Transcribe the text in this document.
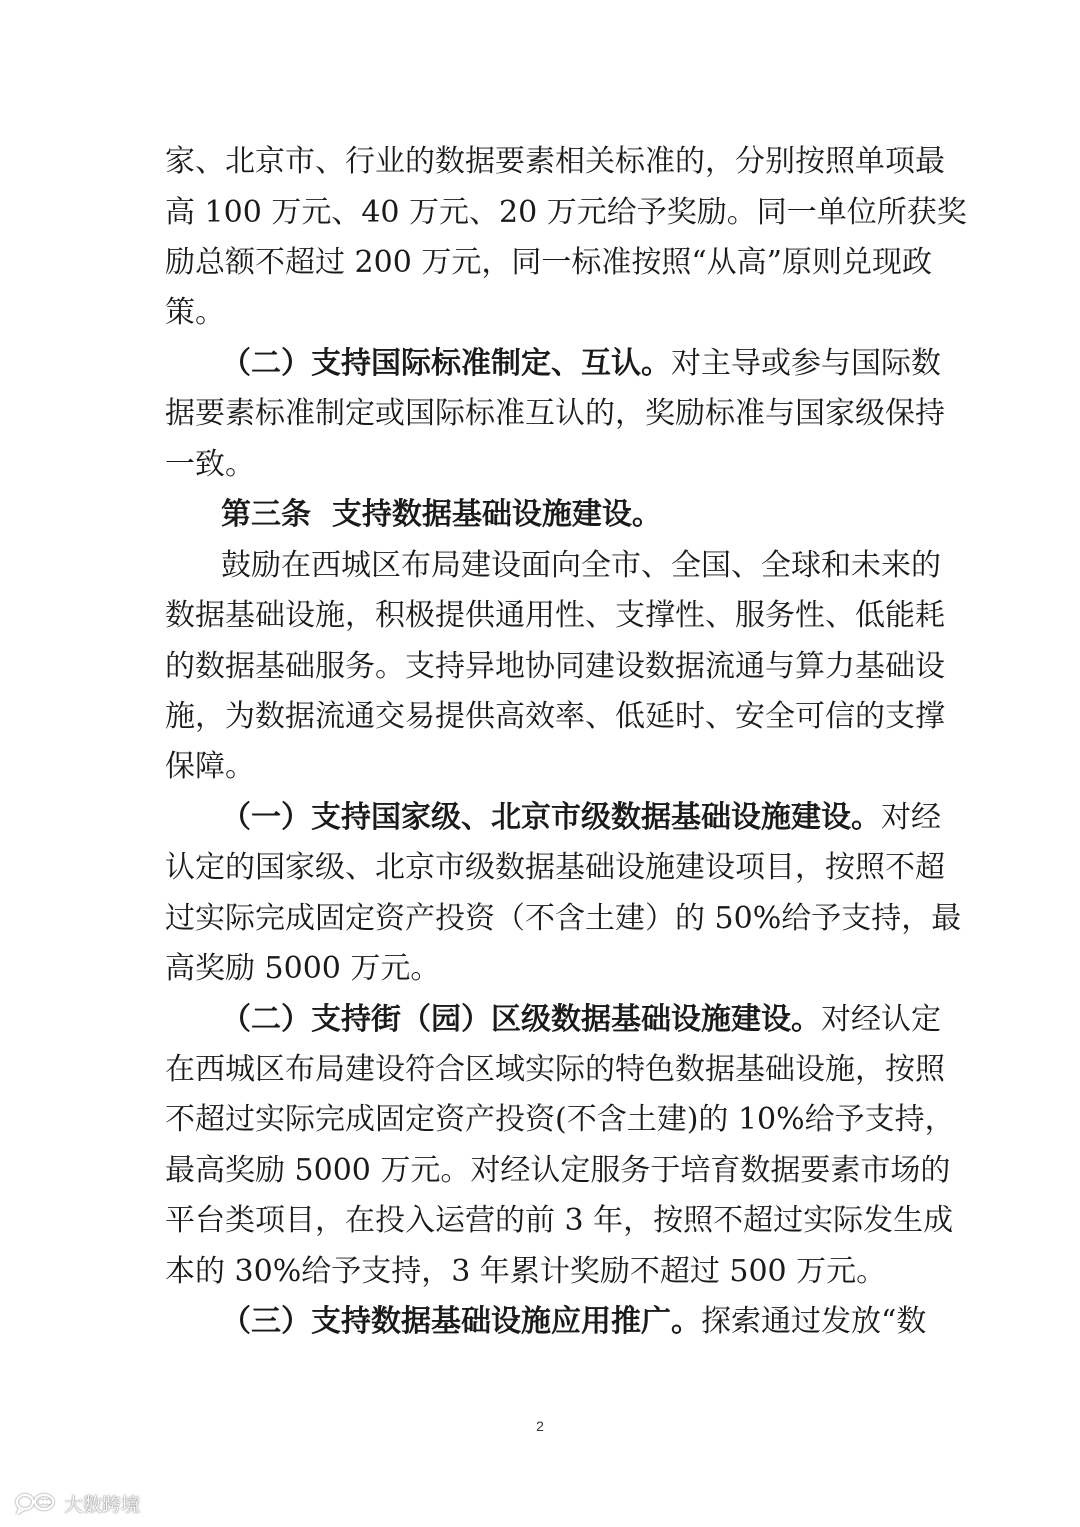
家、北京市、行业的数据要素相关标准的，分别按照单项最
高 100 万元、40 万元、20 万元给予奖励。同一单位所获奖
励总额不超过 200 万元，同一标准按照“从高”原则兑现政
策。
（二）支持国际标准制定、互认。对主导或参与国际数
据要素标准制定或国际标准互认的，奖励标准与国家级保持
一致。
第三条  支持数据基础设施建设。
鼓励在西城区布局建设面向全市、全国、全球和未来的
数据基础设施，积极提供通用性、支撑性、服务性、低能耗
的数据基础服务。支持异地协同建设数据流通与算力基础设
施，为数据流通交易提供高效率、低延时、安全可信的支撑
保障。
（一）支持国家级、北京市级数据基础设施建设。对经
认定的国家级、北京市级数据基础设施建设项目，按照不超
过实际完成固定资产投资（不含土建）的 50%给予支持，最
高奖励 5000 万元。
（二）支持街（园）区级数据基础设施建设。对经认定
在西城区布局建设符合区域实际的特色数据基础设施，按照
不超过实际完成固定资产投资(不含土建)的 10%给予支持，
最高奖励 5000 万元。对经认定服务于培育数据要素市场的
平台类项目，在投入运营的前 3 年，按照不超过实际发生成
本的 30%给予支持，3 年累计奖励不超过 500 万元。
（三）支持数据基础设施应用推广。探索通过发放“数
2
大数跨境
